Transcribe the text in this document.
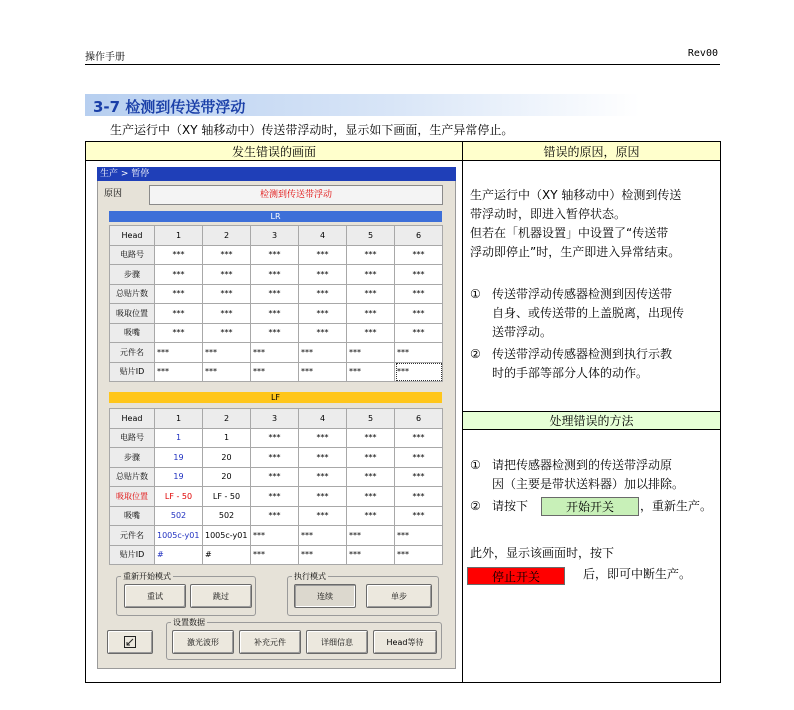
操作手册	Rev00
3-7 检测到传送带浮动
生产运行中（XY 轴移动中）传送带浮动时，显示如下画面，生产异常停止。
发生错误的画面	错误的原因，原因
生产运行中（XY 轴移动中）检测到传送
带浮动时，即进入暂停状态。
但若在「机器设置」中设置了“传送带
浮动即停止”时，生产即进入异常结束。
① 传送带浮动传感器检测到因传送带
自身、或传送带的上盖脱离，出现传
送带浮动。
② 传送带浮动传感器检测到执行示教
时的手部等部分人体的动作。
处理错误的方法
① 请把传感器检测到的传送带浮动原
因（主要是带状送料器）加以排除。
② 请按下	开始开关	，重新生产。
此外，显示该画面时，按下
停止开关	后，即可中断生产。
生产 > 暂停
原因	检测到传送带浮动
LR
Head	1	2	3	4	5	6
电路号	***	***	***	***	***	***
步骤	***	***	***	***	***	***
总贴片数	***	***	***	***	***	***
吸取位置	***	***	***	***	***	***
吸嘴	***	***	***	***	***	***
元件名	***	***	***	***	***	***
贴片ID	***	***	***	***	***	***
LF
Head	1	2	3	4	5	6
电路号	1	1	***	***	***	***
步骤	19	20	***	***	***	***
总贴片数	19	20	***	***	***	***
吸取位置	LF - 50	LF - 50	***	***	***	***
吸嘴	502	502	***	***	***	***
元件名	1005c-y01	1005c-y01	***	***	***	***
贴片ID	#	#	***	***	***	***
重新开始模式
重试	跳过
执行模式
连续	单步
设置数据
激光波形	补充元件	详细信息	Head等待
